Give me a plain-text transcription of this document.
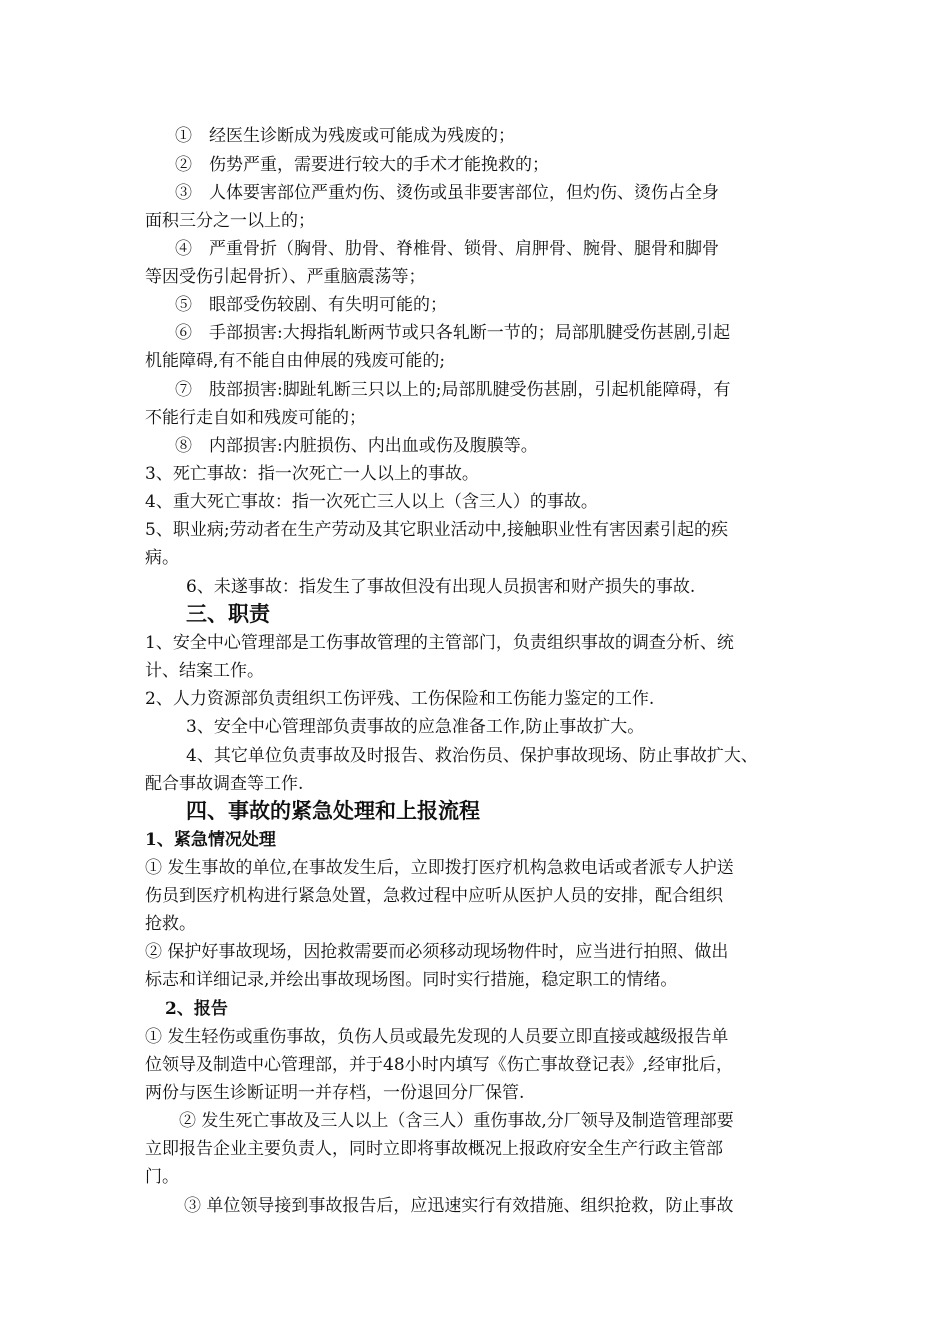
①　经医生诊断成为残废或可能成为残废的；
②　伤势严重，需要进行较大的手术才能挽救的；
③　人体要害部位严重灼伤、烫伤或虽非要害部位，但灼伤、烫伤占全身
面积三分之一以上的；
④　严重骨折（胸骨、肋骨、脊椎骨、锁骨、肩胛骨、腕骨、腿骨和脚骨
等因受伤引起骨折）、严重脑震荡等；
⑤　眼部受伤较剧、有失明可能的；
⑥　手部损害:大拇指轧断两节或只各轧断一节的；局部肌腱受伤甚剧,引起
机能障碍,有不能自由伸展的残废可能的;
⑦　肢部损害:脚趾轧断三只以上的;局部肌腱受伤甚剧，引起机能障碍，有
不能行走自如和残废可能的；
⑧　内部损害:内脏损伤、内出血或伤及腹膜等。
3、死亡事故：指一次死亡一人以上的事故。
4、重大死亡事故：指一次死亡三人以上（含三人）的事故。
5、职业病;劳动者在生产劳动及其它职业活动中,接触职业性有害因素引起的疾
病。
6、未遂事故：指发生了事故但没有出现人员损害和财产损失的事故.
三、职责
1、安全中心管理部是工伤事故管理的主管部门，负责组织事故的调查分析、统
计、结案工作。
2、人力资源部负责组织工伤评残、工伤保险和工伤能力鉴定的工作.
3、安全中心管理部负责事故的应急准备工作,防止事故扩大。
4、其它单位负责事故及时报告、救治伤员、保护事故现场、防止事故扩大、
配合事故调查等工作.
四、事故的紧急处理和上报流程
1、紧急情况处理
① 发生事故的单位,在事故发生后，立即拨打医疗机构急救电话或者派专人护送
伤员到医疗机构进行紧急处置，急救过程中应听从医护人员的安排，配合组织
抢救。
② 保护好事故现场，因抢救需要而必须移动现场物件时，应当进行拍照、做出
标志和详细记录,并绘出事故现场图。同时实行措施，稳定职工的情绪。
2、报告
① 发生轻伤或重伤事故，负伤人员或最先发现的人员要立即直接或越级报告单
位领导及制造中心管理部，并于48小时内填写《伤亡事故登记表》,经审批后，
两份与医生诊断证明一并存档，一份退回分厂保管.
② 发生死亡事故及三人以上（含三人）重伤事故,分厂领导及制造管理部要
立即报告企业主要负责人，同时立即将事故概况上报政府安全生产行政主管部
门。
③ 单位领导接到事故报告后，应迅速实行有效措施、组织抢救，防止事故
